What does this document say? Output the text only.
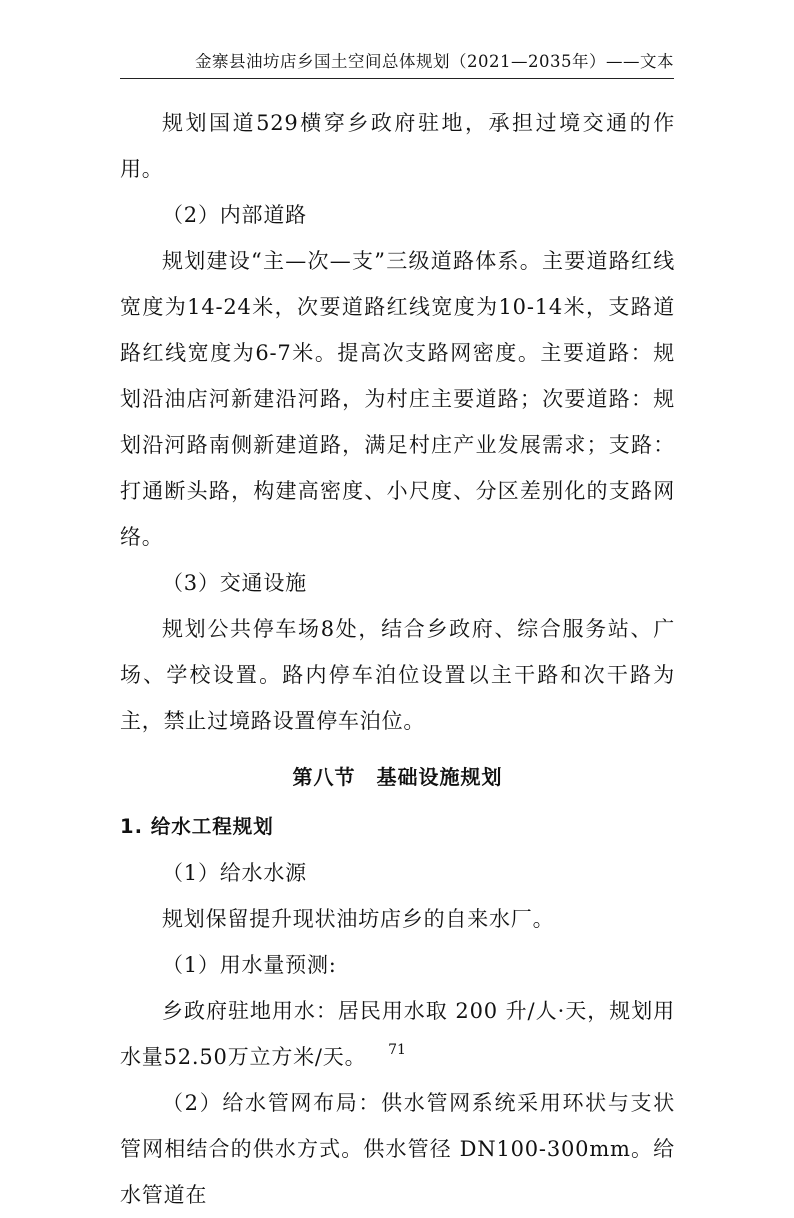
金寨县油坊店乡国土空间总体规划（2021—2035年）——文本

规划国道529横穿乡政府驻地，承担过境交通的作用。

（2）内部道路

规划建设“主—次—支”三级道路体系。主要道路红线宽度为14-24米，次要道路红线宽度为10-14米，支路道路红线宽度为6-7米。提高次支路网密度。主要道路：规划沿油店河新建沿河路，为村庄主要道路；次要道路：规划沿河路南侧新建道路，满足村庄产业发展需求；支路：打通断头路，构建高密度、小尺度、分区差别化的支路网络。

（3）交通设施

规划公共停车场8处，结合乡政府、综合服务站、广场、学校设置。路内停车泊位设置以主干路和次干路为主，禁止过境路设置停车泊位。

第八节　基础设施规划

1. 给水工程规划

（1）给水水源

规划保留提升现状油坊店乡的自来水厂。

（1）用水量预测:

乡政府驻地用水：居民用水取 200 升/人·天，规划用水量52.50万立方米/天。

（2）给水管网布局：供水管网系统采用环状与支状管网相结合的供水方式。供水管径 DN100-300mm。给水管道在

71
